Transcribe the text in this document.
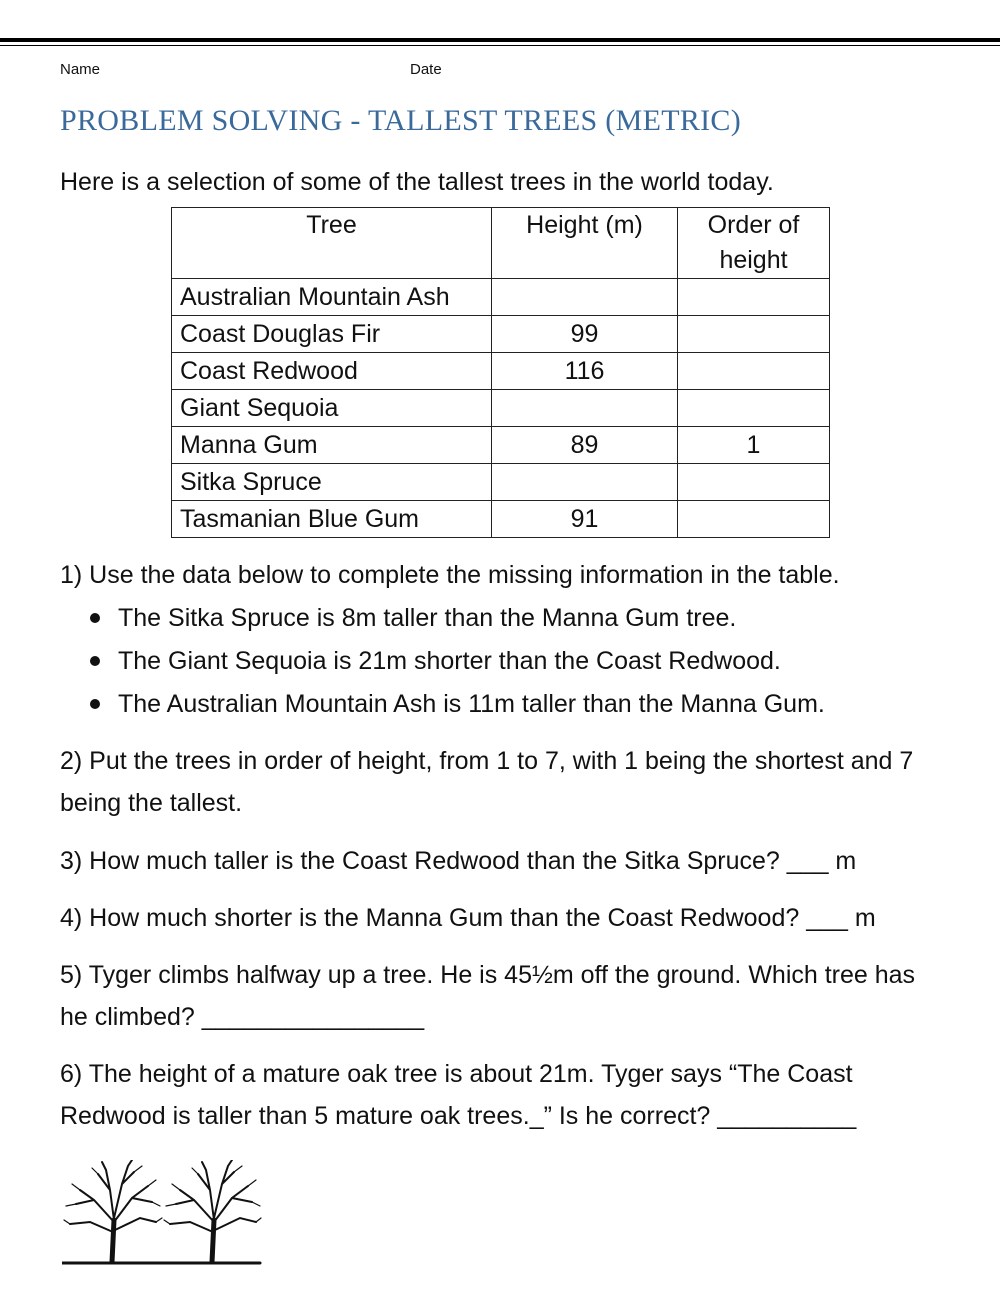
Name	Date
PROBLEM SOLVING - TALLEST TREES (METRIC)
Here is a selection of some of the tallest trees in the world today.
Tree	Height (m)	Order of
height
Australian Mountain Ash		
Coast Douglas Fir	99	
Coast Redwood	116	
Giant Sequoia		
Manna Gum	89	1
Sitka Spruce		
Tasmanian Blue Gum	91	

1) Use the data below to complete the missing information in the table.

The Sitka Spruce is 8m taller than the Manna Gum tree.
The Giant Sequoia is 21m shorter than the Coast Redwood.
The Australian Mountain Ash is 11m taller than the Manna Gum.

2) Put the trees in order of height, from 1 to 7, with 1 being the shortest and 7 being the tallest.

3) How much taller is the Coast Redwood than the Sitka Spruce? ___ m

4) How much shorter is the Manna Gum than the Coast Redwood? ___ m

5) Tyger climbs halfway up a tree. He is 45½m off the ground. Which tree has he climbed? ________________

6) The height of a mature oak tree is about 21m. Tyger says “The Coast Redwood is taller than 5 mature oak trees._” Is he correct? __________
